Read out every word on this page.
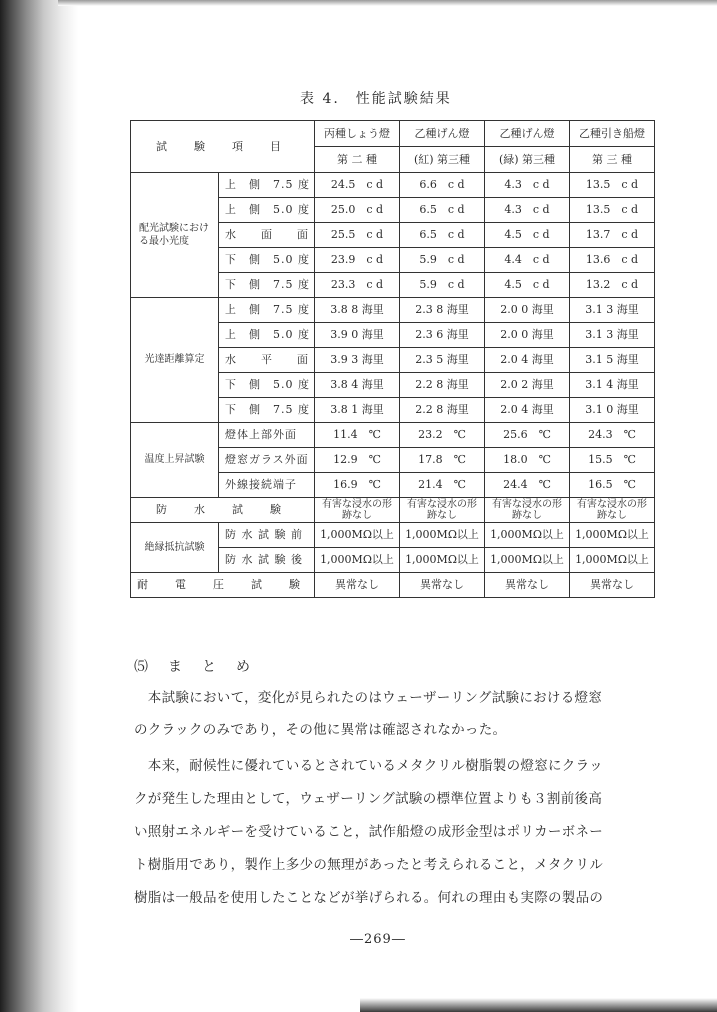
表 4.　性能試験結果
試　験　項　目		丙種しょう燈	乙種げん燈	乙種げん燈	乙種引き船燈
		第 二 種	(紅) 第三種	(緑) 第三種	第 三 種
配光試験における最小光度	上　側　7.5 度	24.5　c d	6.6　c d	4.3　c d	13.5　c d
	上　側　5.0 度	25.0　c d	6.5　c d	4.3　c d	13.5　c d
	水　　面　　面	25.5　c d	6.5　c d	4.5　c d	13.7　c d
	下　側　5.0 度	23.9　c d	5.9　c d	4.4　c d	13.6　c d
	下　側　7.5 度	23.3　c d	5.9　c d	4.5　c d	13.2　c d
光達距離算定	上　側　7.5 度	3.8 8 海里	2.3 8 海里	2.0 0 海里	3.1 3 海里
	上　側　5.0 度	3.9 0 海里	2.3 6 海里	2.0 0 海里	3.1 3 海里
	水　　平　　面	3.9 3 海里	2.3 5 海里	2.0 4 海里	3.1 5 海里
	下　側　5.0 度	3.8 4 海里	2.2 8 海里	2.0 2 海里	3.1 4 海里
	下　側　7.5 度	3.8 1 海里	2.2 8 海里	2.0 4 海里	3.1 0 海里
温度上昇試験	燈体上部外面	11.4　℃	23.2　℃	25.6　℃	24.3　℃
	燈窓ガラス外面	12.9　℃	17.8　℃	18.0　℃	15.5　℃
	外線接続端子	16.9　℃	21.4　℃	24.4　℃	16.5　℃
防　水　試　験		有害な浸水の形跡なし	有害な浸水の形跡なし	有害な浸水の形跡なし	有害な浸水の形跡なし
絶縁抵抗試験	防 水 試 験 前	1,000MΩ以上	1,000MΩ以上	1,000MΩ以上	1,000MΩ以上
	防 水 試 験 後	1,000MΩ以上	1,000MΩ以上	1,000MΩ以上	1,000MΩ以上
耐　電　圧　試　験		異常なし	異常なし	異常なし	異常なし
⑸　ま　と　め
　本試験において，変化が見られたのはウェーザーリング試験における燈窓
のクラックのみであり，その他に異常は確認されなかった。
　本来，耐候性に優れているとされているメタクリル樹脂製の燈窓にクラッ
クが発生した理由として，ウェザーリング試験の標準位置よりも３割前後高
い照射エネルギーを受けていること，試作船燈の成形金型はポリカーボネー
ト樹脂用であり，製作上多少の無理があったと考えられること，メタクリル
樹脂は一般品を使用したことなどが挙げられる。何れの理由も実際の製品の
―269―
